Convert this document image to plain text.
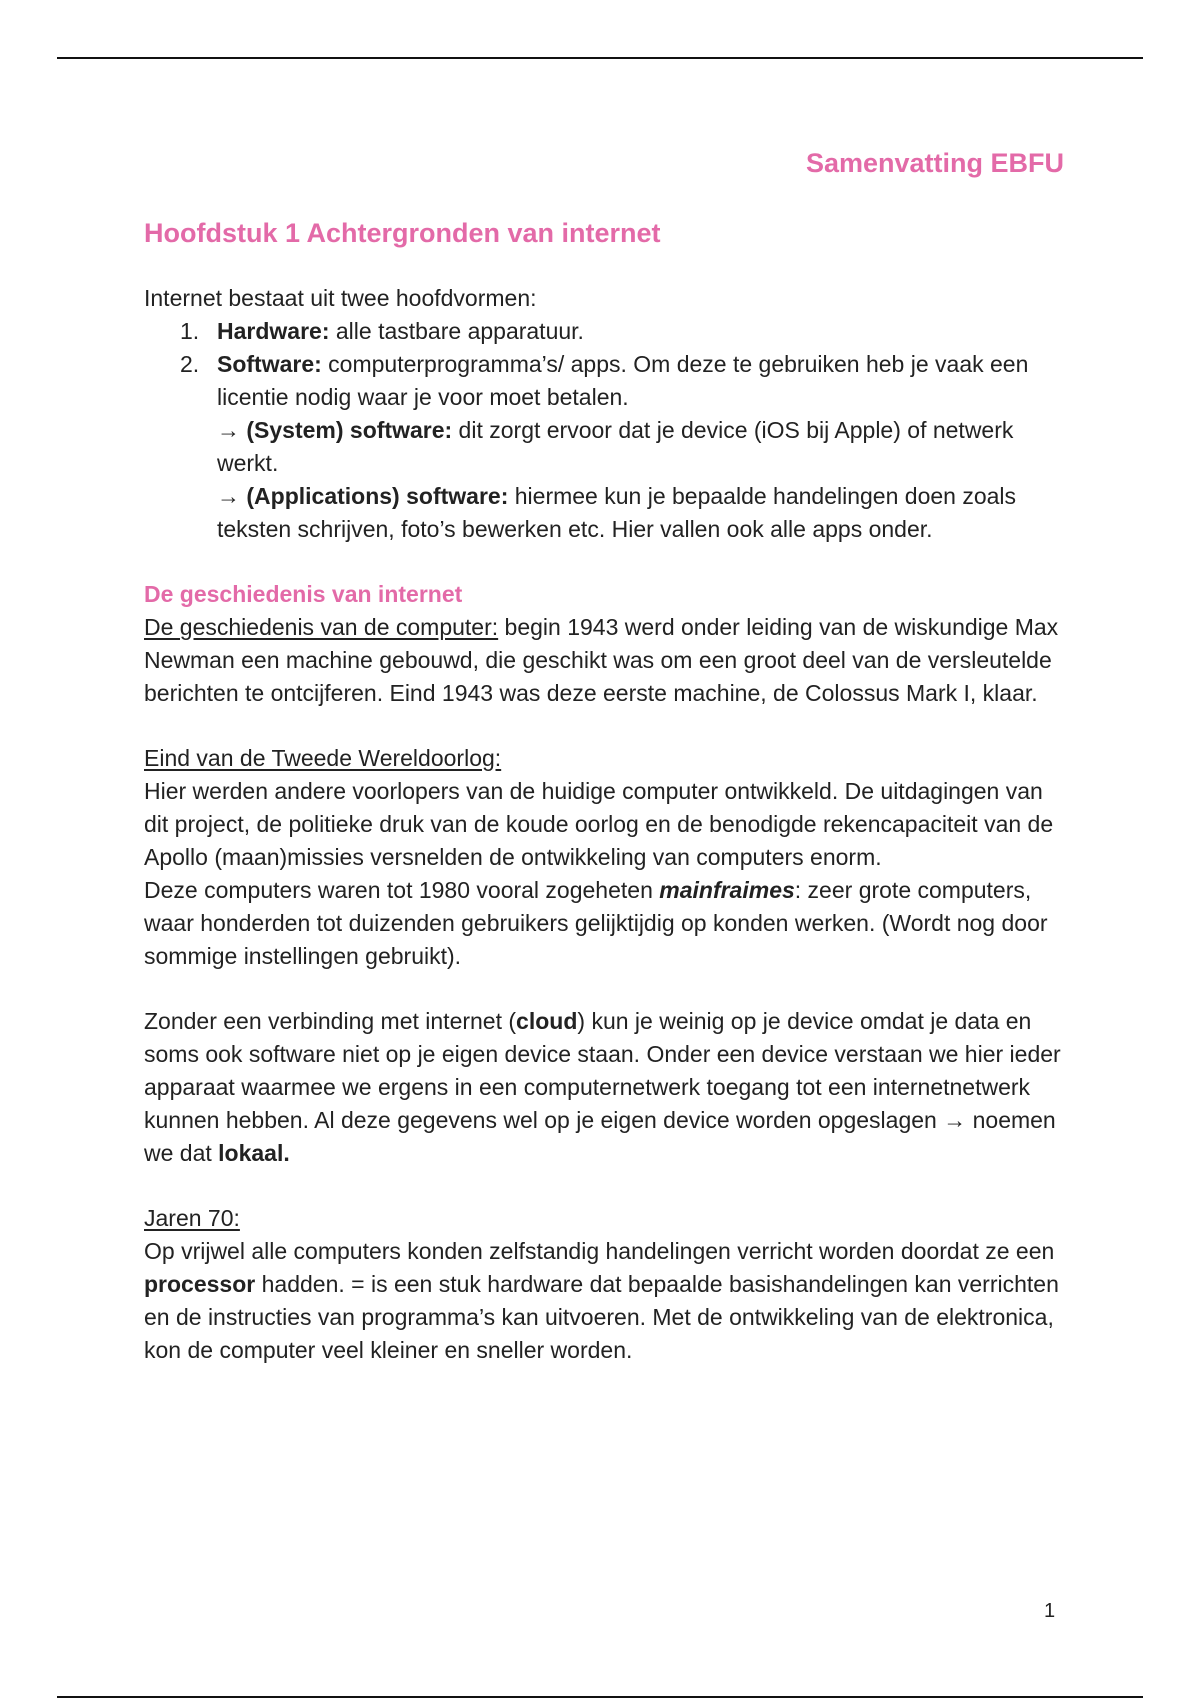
Samenvatting EBFU
Hoofdstuk 1 Achtergronden van internet

Internet bestaat uit twee hoofdvormen:

1. Hardware: alle tastbare apparatuur.
2. Software: computerprogramma’s/ apps. Om deze te gebruiken heb je vaak een licentie nodig waar je voor moet betalen.
→ (System) software: dit zorgt ervoor dat je device (iOS bij Apple) of netwerk werkt.
→ (Applications) software: hiermee kun je bepaalde handelingen doen zoals teksten schrijven, foto’s bewerken etc. Hier vallen ook alle apps onder.

De geschiedenis van internet

De geschiedenis van de computer: begin 1943 werd onder leiding van de wiskundige Max Newman een machine gebouwd, die geschikt was om een groot deel van de versleutelde berichten te ontcijferen. Eind 1943 was deze eerste machine, de Colossus Mark I, klaar.

Eind van de Tweede Wereldoorlog:

Hier werden andere voorlopers van de huidige computer ontwikkeld. De uitdagingen van dit project, de politieke druk van de koude oorlog en de benodigde rekencapaciteit van de Apollo (maan)missies versnelden de ontwikkeling van computers enorm.

Deze computers waren tot 1980 vooral zogeheten mainfraimes: zeer grote computers, waar honderden tot duizenden gebruikers gelijktijdig op konden werken. (Wordt nog door sommige instellingen gebruikt).

Zonder een verbinding met internet (cloud) kun je weinig op je device omdat je data en soms ook software niet op je eigen device staan. Onder een device verstaan we hier ieder apparaat waarmee we ergens in een computernetwerk toegang tot een internetnetwerk kunnen hebben. Al deze gegevens wel op je eigen device worden opgeslagen → noemen we dat lokaal.

Jaren 70:

Op vrijwel alle computers konden zelfstandig handelingen verricht worden doordat ze een processor hadden. = is een stuk hardware dat bepaalde basishandelingen kan verrichten en de instructies van programma’s kan uitvoeren. Met de ontwikkeling van de elektronica, kon de computer veel kleiner en sneller worden.

1
